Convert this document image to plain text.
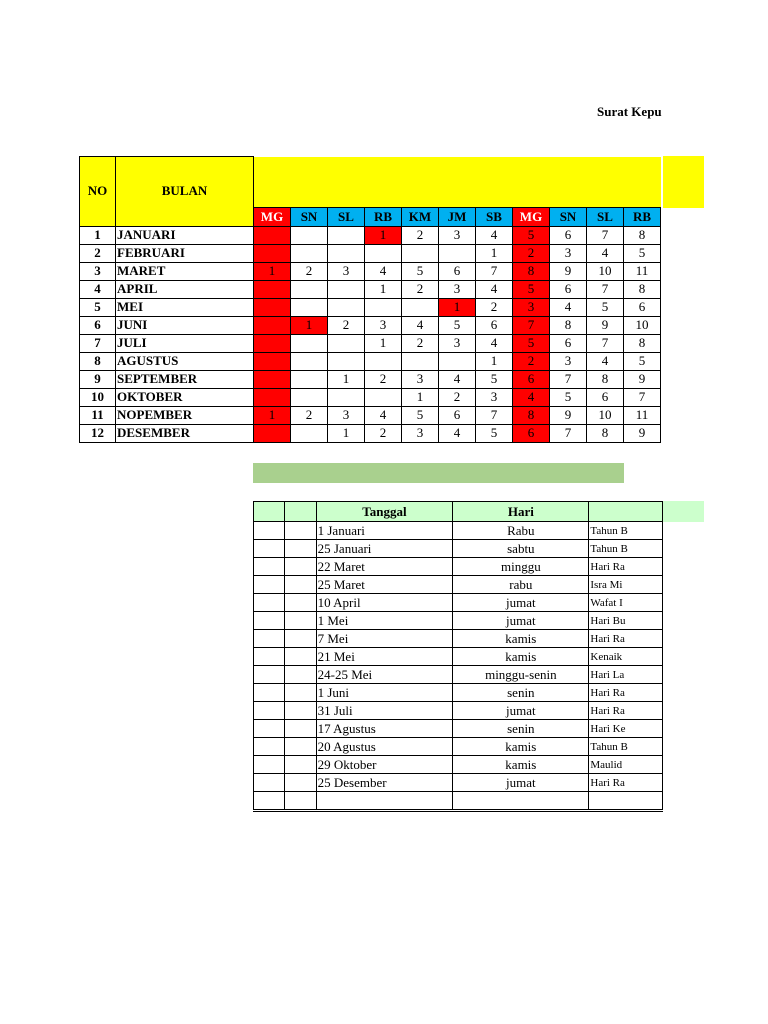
Surat Kepu
NO	BULAN											
		MG	SN	SL	RB	KM	JM	SB	MG	SN	SL	RB
1	JANUARI				1	2	3	4	5	6	7	8
2	FEBRUARI							1	2	3	4	5
3	MARET	1	2	3	4	5	6	7	8	9	10	11
4	APRIL				1	2	3	4	5	6	7	8
5	MEI						1	2	3	4	5	6
6	JUNI		1	2	3	4	5	6	7	8	9	10
7	JULI				1	2	3	4	5	6	7	8
8	AGUSTUS							1	2	3	4	5
9	SEPTEMBER			1	2	3	4	5	6	7	8	9
10	OKTOBER					1	2	3	4	5	6	7
11	NOPEMBER	1	2	3	4	5	6	7	8	9	10	11
12	DESEMBER			1	2	3	4	5	6	7	8	9
		Tanggal	Hari	
		1 Januari	Rabu	Tahun B
		25 Januari	sabtu	Tahun B
		22 Maret	minggu	Hari Ra
		25 Maret	rabu	Isra Mi
		10 April	jumat	Wafat I
		1 Mei	jumat	Hari Bu
		7 Mei	kamis	Hari Ra
		21 Mei	kamis	Kenaik
		24-25 Mei	minggu-senin	Hari La
		1 Juni	senin	Hari Ra
		31 Juli	jumat	Hari Ra
		17 Agustus	senin	Hari Ke
		20 Agustus	kamis	Tahun B
		29 Oktober	kamis	Maulid
		25 Desember	jumat	Hari Ra
